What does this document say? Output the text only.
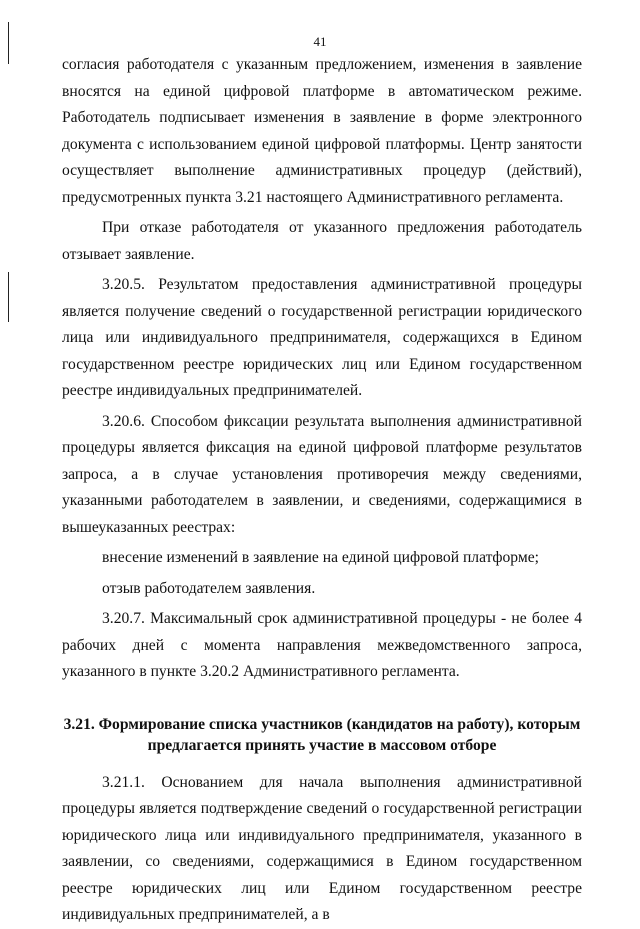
41

согласия работодателя с указанным предложением, изменения в заявление вносятся на единой цифровой платформе в автоматическом режиме. Работодатель подписывает изменения в заявление в форме электронного документа с использованием единой цифровой платформы. Центр занятости осуществляет выполнение административных процедур (действий), предусмотренных пункта 3.21 настоящего Административного регламента.

При отказе работодателя от указанного предложения работодатель отзывает заявление.

3.20.5. Результатом предоставления административной процедуры является получение сведений о государственной регистрации юридического лица или индивидуального предпринимателя, содержащихся в Едином государственном реестре юридических лиц или Едином государственном реестре индивидуальных предпринимателей.

3.20.6. Способом фиксации результата выполнения административной процедуры является фиксация на единой цифровой платформе результатов запроса, а в случае установления противоречия между сведениями, указанными работодателем в заявлении, и сведениями, содержащимися в вышеуказанных реестрах:

внесение изменений в заявление на единой цифровой платформе;

отзыв работодателем заявления.

3.20.7. Максимальный срок административной процедуры - не более 4 рабочих дней с момента направления межведомственного запроса, указанного в пункте 3.20.2 Административного регламента.

3.21. Формирование списка участников (кандидатов на работу), которым
предлагается принять участие в массовом отборе

3.21.1. Основанием для начала выполнения административной процедуры является подтверждение сведений о государственной регистрации юридического лица или индивидуального предпринимателя, указанного в заявлении, со сведениями, содержащимися в Едином государственном реестре юридических лиц или Едином государственном реестре индивидуальных предпринимателей, а в
